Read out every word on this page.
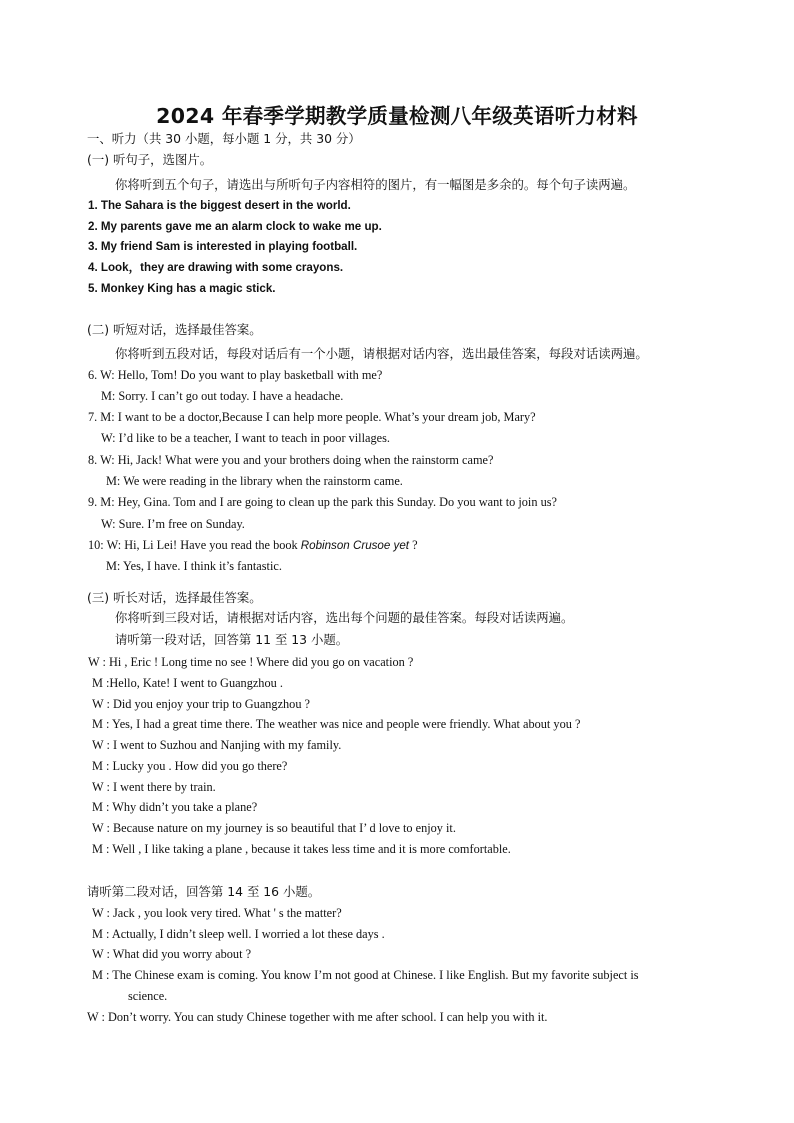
2024 年春季学期教学质量检测八年级英语听力材料
一、听力（共 30 小题，每小题 1 分，共 30 分）
(一) 听句子，选图片。
你将听到五个句子，请选出与所听句子内容相符的图片，有一幅图是多余的。每个句子读两遍。
1. The Sahara is the biggest desert in the world.
2. My parents gave me an alarm clock to wake me up.
3. My friend Sam is interested in playing football.
4. Look，they are drawing with some crayons.
5. Monkey King has a magic stick.
(二) 听短对话，选择最佳答案。
你将听到五段对话，每段对话后有一个小题，请根据对话内容，选出最佳答案，每段对话读两遍。
6. W: Hello, Tom! Do you want to play basketball with me?
M: Sorry. I can’t go out today. I have a headache.
7. M: I want to be a doctor,Because I can help more people. What’s your dream job, Mary?
W: I’d like to be a teacher, I want to teach in poor villages.
8. W: Hi, Jack! What were you and your brothers doing when the rainstorm came?
M: We were reading in the library when the rainstorm came.
9. M: Hey, Gina. Tom and I are going to clean up the park this Sunday. Do you want to join us?
W: Sure. I’m free on Sunday.
10: W: Hi, Li Lei! Have you read the book Robinson Crusoe yet ?
M: Yes, I have. I think it’s fantastic.
(三) 听长对话，选择最佳答案。
你将听到三段对话，请根据对话内容，选出每个问题的最佳答案。每段对话读两遍。
请听第一段对话，回答第 11 至 13 小题。
W : Hi , Eric ! Long time no see ! Where did you go on vacation ?
M :Hello, Kate! I went to Guangzhou .
W : Did you enjoy your trip to Guangzhou ?
M : Yes, I had a great time there. The weather was nice and people were friendly. What about you ?
W : I went to Suzhou and Nanjing with my family.
M : Lucky you . How did you go there?
W : I went there by train.
M : Why didn’t you take a plane?
W : Because nature on my journey is so beautiful that I’ d love to enjoy it.
M : Well , I like taking a plane , because it takes less time and it is more comfortable.
请听第二段对话，回答第 14 至 16 小题。
W : Jack , you look very tired. What ' s the matter?
M : Actually, I didn’t sleep well. I worried a lot these days .
W : What did you worry about ?
M : The Chinese exam is coming. You know I’m not good at Chinese. I like English. But my favorite subject is
science.
W : Don’t worry. You can study Chinese together with me after school. I can help you with it.
